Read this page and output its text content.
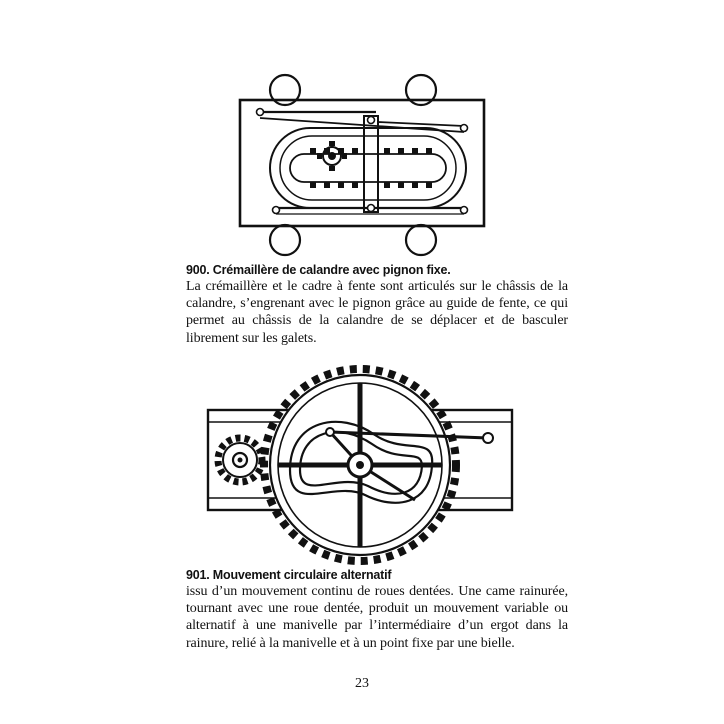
900. Crémaillère de calandre avec pignon fixe.

La crémaillère et le cadre à fente sont articulés sur le châssis de la calandre, s’engrenant avec le pignon grâce au guide de fente, ce qui permet au châssis de la calandre de se déplacer et de basculer librement sur les galets.

901. Mouvement circulaire alternatif

issu d’un mouvement continu de roues dentées. Une came rainurée, tournant avec une roue dentée, produit un mouvement variable ou alternatif à une manivelle par l’intermédiaire d’un ergot dans la rainure, relié à la manivelle et à un point fixe par une bielle.

23
